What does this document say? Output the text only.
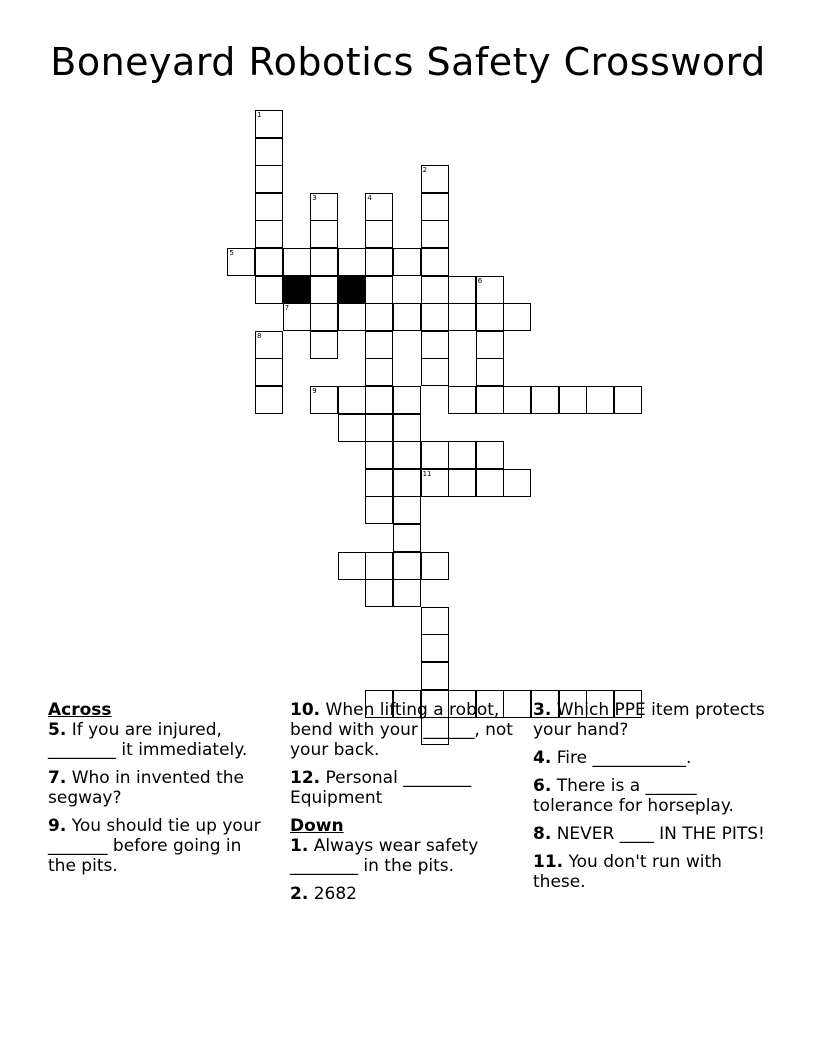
Boneyard Robotics Safety Crossword
1
8
2
3	4
5
7
6
9
11

Across

5. If you are injured, ________ it immediately.

7. Who in invented the segway?

9. You should tie up your _______ before going in the pits.

10. When lifting a robot, bend with your ______, not your back.

12. Personal ________ Equipment

Down

1. Always wear safety ________ in the pits.

2. 2682

3. Which PPE item protects your hand?

4. Fire ___________.

6. There is a ______ tolerance for horseplay.

8. NEVER ____ IN THE PITS!

11. You don't run with these.
